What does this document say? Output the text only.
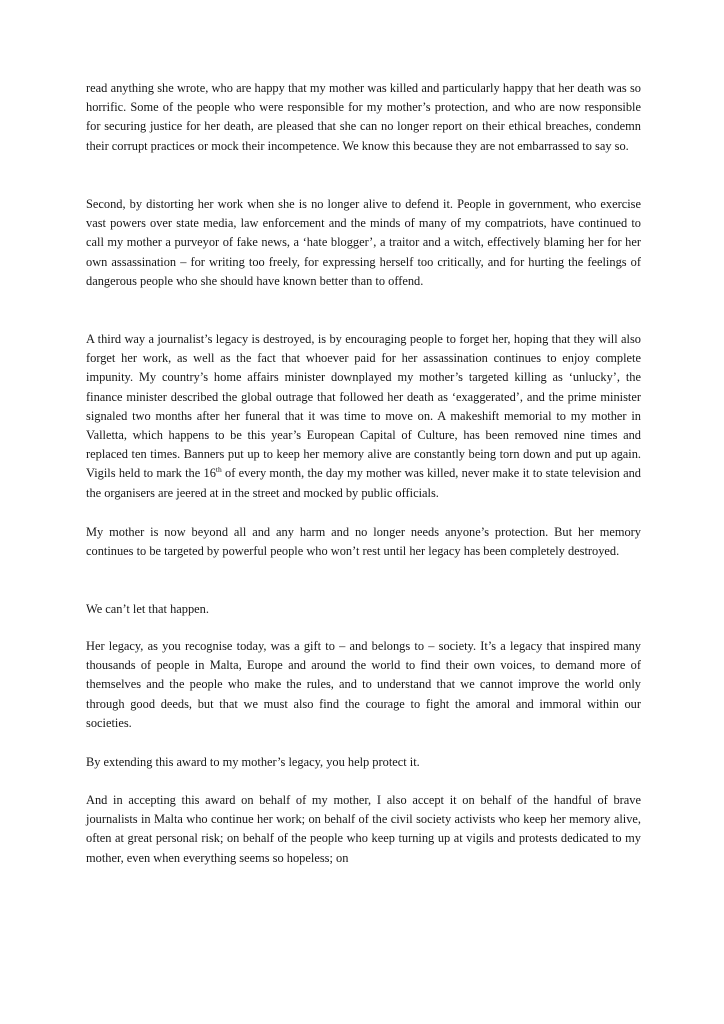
read anything she wrote, who are happy that my mother was killed and particularly happy that her death was so horrific. Some of the people who were responsible for my mother’s protection, and who are now responsible for securing justice for her death, are pleased that she can no longer report on their ethical breaches, condemn their corrupt practices or mock their incompetence. We know this because they are not embarrassed to say so.

Second, by distorting her work when she is no longer alive to defend it. People in government, who exercise vast powers over state media, law enforcement and the minds of many of my compatriots, have continued to call my mother a purveyor of fake news, a ‘hate blogger’, a traitor and a witch, effectively blaming her for her own assassination – for writing too freely, for expressing herself too critically, and for hurting the feelings of dangerous people who she should have known better than to offend.

A third way a journalist’s legacy is destroyed, is by encouraging people to forget her, hoping that they will also forget her work, as well as the fact that whoever paid for her assassination continues to enjoy complete impunity. My country’s home affairs minister downplayed my mother’s targeted killing as ‘unlucky’, the finance minister described the global outrage that followed her death as ‘exaggerated’, and the prime minister signaled two months after her funeral that it was time to move on. A makeshift memorial to my mother in Valletta, which happens to be this year’s European Capital of Culture, has been removed nine times and replaced ten times. Banners put up to keep her memory alive are constantly being torn down and put up again. Vigils held to mark the 16th of every month, the day my mother was killed, never make it to state television and the organisers are jeered at in the street and mocked by public officials.

My mother is now beyond all and any harm and no longer needs anyone’s protection. But her memory continues to be targeted by powerful people who won’t rest until her legacy has been completely destroyed.

We can’t let that happen.

Her legacy, as you recognise today, was a gift to – and belongs to – society. It’s a legacy that inspired many thousands of people in Malta, Europe and around the world to find their own voices, to demand more of themselves and the people who make the rules, and to understand that we cannot improve the world only through good deeds, but that we must also find the courage to fight the amoral and immoral within our societies.

By extending this award to my mother’s legacy, you help protect it.

And in accepting this award on behalf of my mother, I also accept it on behalf of the handful of brave journalists in Malta who continue her work; on behalf of the civil society activists who keep her memory alive, often at great personal risk; on behalf of the people who keep turning up at vigils and protests dedicated to my mother, even when everything seems so hopeless; on
